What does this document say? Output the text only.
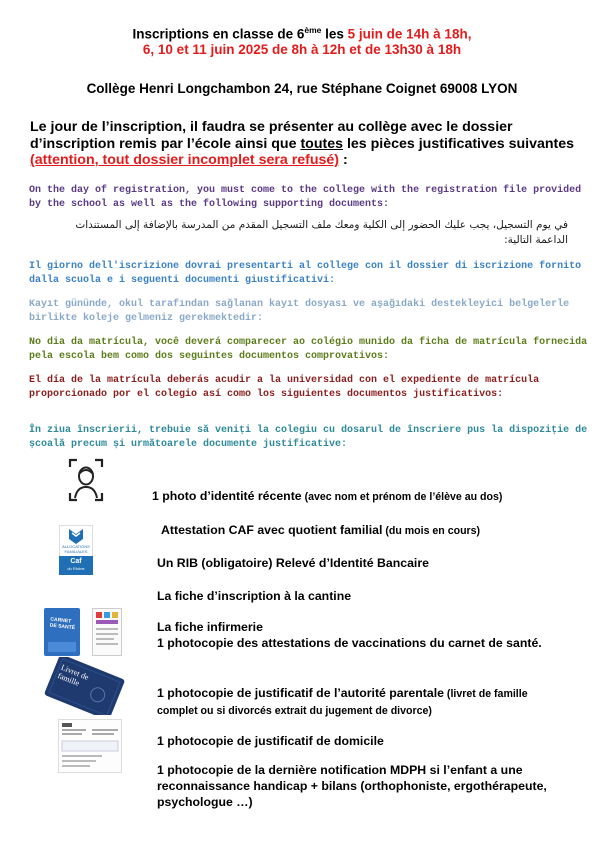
Inscriptions en classe de 6ème les 5 juin de 14h à 18h,
6, 10 et 11 juin 2025 de 8h à 12h et de 13h30 à 18h
Collège Henri Longchambon 24, rue Stéphane Coignet 69008 LYON
Le jour de l’inscription, il faudra se présenter au collège avec le dossier d’inscription remis par l’école ainsi que toutes les pièces justificatives suivantes (attention, tout dossier incomplet sera refusé) :
On the day of registration, you must come to the college with the registration file provided by the school as well as the following supporting documents:
في يوم التسجيل، يجب عليك الحضور إلى الكلية ومعك ملف التسجيل المقدم من المدرسة بالإضافة إلى المستندات الداعمة التالية:
Il giorno dell'iscrizione dovrai presentarti al college con il dossier di iscrizione fornito dalla scuola e i seguenti documenti giustificativi:
Kayıt gününde, okul tarafından sağlanan kayıt dosyası ve aşağıdaki destekleyici belgelerle birlikte koleje gelmeniz gerekmektedir:
No dia da matrícula, você deverá comparecer ao colégio munido da ficha de matrícula fornecida pela escola bem como dos seguintes documentos comprovativos:
El día de la matrícula deberás acudir a la universidad con el expediente de matrícula proporcionado por el colegio así como los siguientes documentos justificativos:
În ziua înscrierii, trebuie să veniți la colegiu cu dosarul de înscriere pus la dispoziție de școală precum și următoarele documente justificative:
ALLOCATIONS
FAMILIALES
Caf
du Rhône
CARNET DE SANTÉ
Livret de famille
1 photo d’identité récente (avec nom et prénom de l’élève au dos)
Attestation CAF avec quotient familial (du mois en cours)
Un RIB (obligatoire) Relevé d’Identité Bancaire
La fiche d’inscription à la cantine
La fiche infirmerie
1 photocopie des attestations de vaccinations du carnet de santé.
1 photocopie de justificatif de l’autorité parentale (livret de famille complet ou si divorcés extrait du jugement de divorce)
1 photocopie de justificatif de domicile
1 photocopie de la dernière notification MDPH si l’enfant a une reconnaissance handicap + bilans (orthophoniste, ergothérapeute, psychologue …)
